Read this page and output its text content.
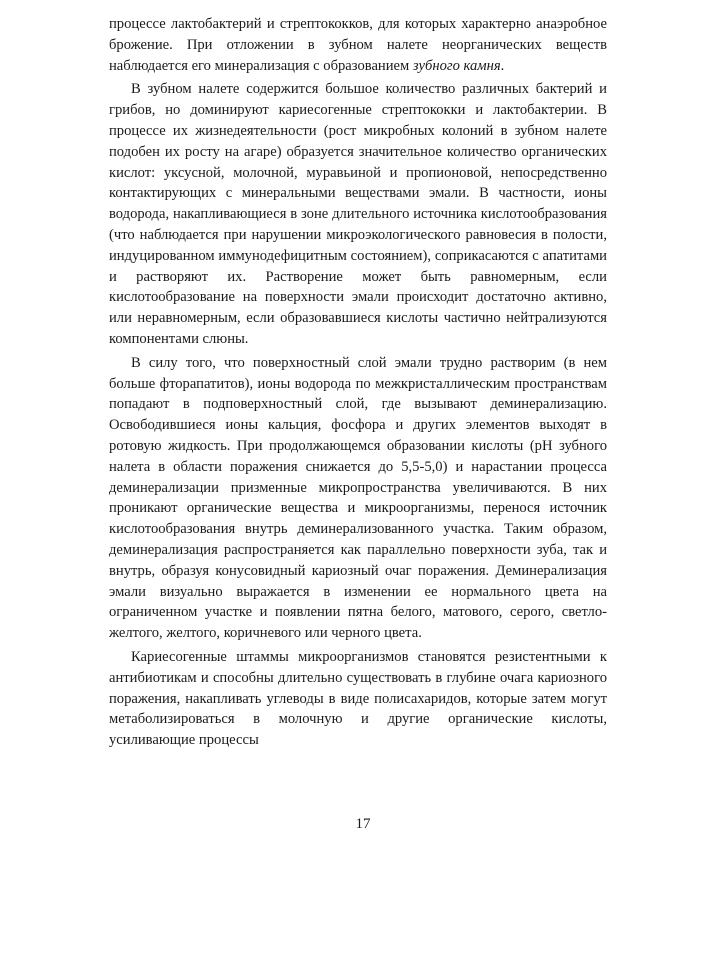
процессе лактобактерий и стрептококков, для которых характерно анаэробное брожение. При отложении в зубном налете неорганических веществ наблюдается его минерализация с образованием зубного камня.

В зубном налете содержится большое количество различных бактерий и грибов, но доминируют кариесогенные стрептококки и лактобактерии. В процессе их жизнедеятельности (рост микробных колоний в зубном налете подобен их росту на агаре) образуется значительное количество органических кислот: уксусной, молочной, муравьиной и пропионовой, непосредственно контактирующих с минеральными веществами эмали. В частности, ионы водорода, накапливающиеся в зоне длительного источника кислотообразования (что наблюдается при нарушении микроэкологического равновесия в полости, индуцированном иммунодефицитным состоянием), соприкасаются с апатитами и растворяют их. Растворение может быть равномерным, если кислотообразование на поверхности эмали происходит достаточно активно, или неравномерным, если образовавшиеся кислоты частично нейтрализуются компонентами слюны.

В силу того, что поверхностный слой эмали трудно растворим (в нем больше фторапатитов), ионы водорода по межкристаллическим пространствам попадают в подповерхностный слой, где вызывают деминерализацию. Освободившиеся ионы кальция, фосфора и других элементов выходят в ротовую жидкость. При продолжающемся образовании кислоты (pH зубного налета в области поражения снижается до 5,5-5,0) и нарастании процесса деминерализации призменные микропространства увеличиваются. В них проникают органические вещества и микроорганизмы, перенося источник кислотообразования внутрь деминерализованного участка. Таким образом, деминерализация распространяется как параллельно поверхности зуба, так и внутрь, образуя конусовидный кариозный очаг поражения. Деминерализация эмали визуально выражается в изменении ее нормального цвета на ограниченном участке и появлении пятна белого, матового, серого, светло-желтого, желтого, коричневого или черного цвета.

Кариесогенные штаммы микроорганизмов становятся резистентными к антибиотикам и способны длительно существовать в глубине очага кариозного поражения, накапливать углеводы в виде полисахаридов, которые затем могут метаболизироваться в молочную и другие органические кислоты, усиливающие процессы

17
